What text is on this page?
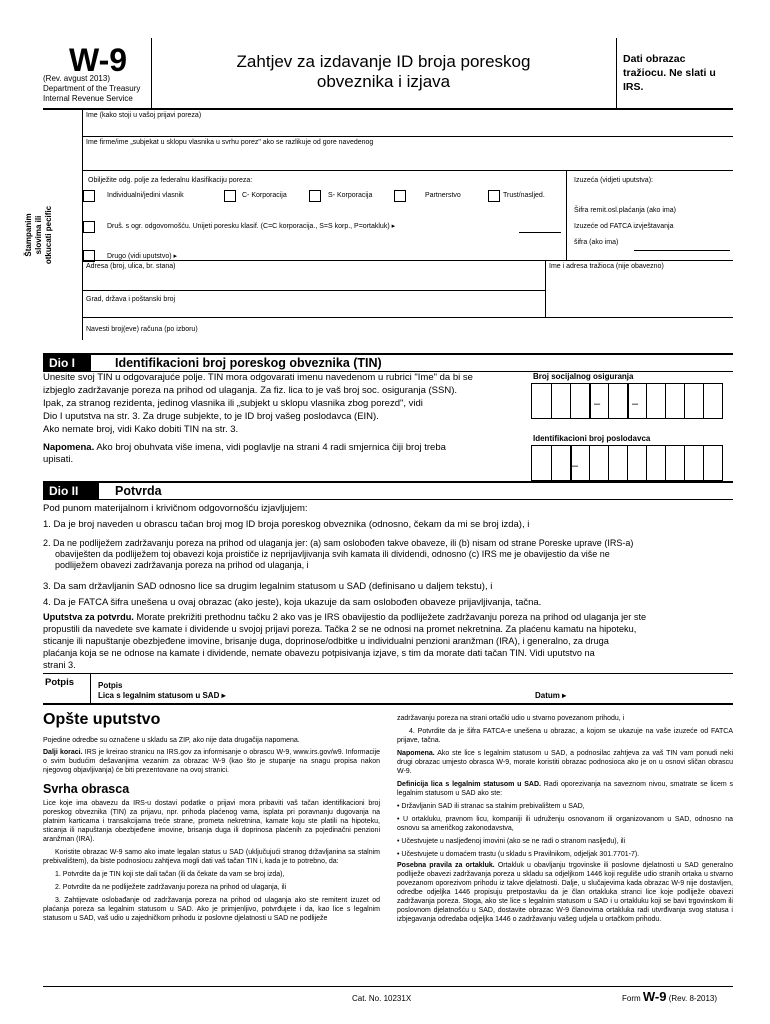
W-9
(Rev. avgust 2013)
Department of the Treasury
Internal Revenue Service
Zahtjev za izdavanje ID broja poreskog
obveznika i izjava
Dati obrazac
tražiocu. Ne slati u
IRS.
Štampanim slovima ili otkucati pecific
Ime (kako stoji u vašoj prijavi poreza)
Ime firme/ime „subjekat u sklopu vlasnika u svrhu porez" ako se razlikuje od gore navedenog
Obilježite odg. polje za federalnu klasifikaciju poreza:	Izuzeća (vidjeti uputstva):
Individualni/jedini vlasnik	C- Korporacija	S- Korporacija	Partnerstvo	Trust/nasljed.
Šifra remit.osl.plaćanja (ako ima)
Druš. s ogr. odgovornošću. Unijeti poresku klasif. (C=C korporacija., S=S korp., P=ortakluk) ▸	Izuzeće od FATCA izvještavanja
šifra (ako ima)
Drugo (vidi uputstvo) ▸
Adresa (broj, ulica, br. stana)	Ime i adresa tražioca (nije obavezno)
Grad, država i poštanski broj
Navesti broj(eve) računa (po izboru)
Dio I	Identifikacioni broj poreskog obveznika (TIN)
Unesite svoj TIN u odgovarajuće polje. TIN mora odgovarati imenu navedenom u rubrici "Ime" da bi se
izbjeglo zadržavanje poreza na prihod od ulaganja. Za fiz. lica to je vaš broj soc. osiguranja (SSN).
Ipak, za stranog rezidenta, jedinog vlasnika ili „subjekt u sklopu vlasnika zbog porezd", vidi
Dio I uputstva na str. 3. Za druge subjekte, to je ID broj vašeg poslodavca (EIN).
Ako nemate broj, vidi Kako dobiti TIN na str. 3.
Napomena. Ako broj obuhvata više imena, vidi poglavlje na strani 4 radi smjernica čiji broj treba
upisati.
Broj socijalnog osiguranja
–	–
Identifikacioni broj poslodavca
–
Dio II	Potvrda
Pod punom materijalnom i krivičnom odgovornošću izjavljujem:
1. Da je broj naveden u obrascu tačan broj mog ID broja poreskog obveznika (odnosno, čekam da mi se broj izda), i
2. Da ne podliježem zadržavanju poreza na prihod od ulaganja jer: (a) sam oslobođen takve obaveze, ili (b) nisam od strane Poreske uprave (IRS-a)
obaviješten da podliježem toj obavezi koja proističe iz neprijavljivanja svih kamata ili dividendi, odnosno (c) IRS me je obavijestio da više ne
podliježem obavezi zadržavanja poreza na prihod od ulaganja, i
3. Da sam državljanin SAD odnosno lice sa drugim legalnim statusom u SAD (definisano u daljem tekstu), i
4. Da je FATCA šifra unešena u ovaj obrazac (ako jeste), koja ukazuje da sam oslobođen obaveze prijavljivanja, tačna.
Uputstva za potvrdu. Morate prekrižiti prethodnu tačku 2 ako vas je IRS obavijestio da podliježete zadržavanju poreza na prihod od ulaganja jer ste
propustili da navedete sve kamate i dividende u svojoj prijavi poreza. Tačka 2 se ne odnosi na promet nekretnina. Za plaćenu kamatu na hipoteku,
sticanje ili napuštanje obezbjeđene imovine, brisanje duga, doprinose/odbitke u individualni penzioni aranžman (IRA), i generalno, za druga
plaćanja koja se ne odnose na kamate i dividende, nemate obavezu potpisivanja izjave, s tim da morate dati tačan TIN. Vidi uputstvo na
strani 3.
Potpis	Potpis
Lica s legalnim statusom u SAD ▸	Datum ▸
Opšte uputstvo
Pojedine odredbe su označene u skladu sa ZIP, ako nije data drugačija napomena.
Dalji koraci. IRS je kreirao stranicu na IRS.gov za informisanje o obrascu W-9, www.irs.gov/w9. Informacije o svim budućim dešavanjima vezanim za obrazac W-9 (kao što je stupanje na snagu propisa nakon njegovog objavljivanja) će biti prezentovane na ovoj stranici.
Svrha obrasca
Lice koje ima obavezu da IRS-u dostavi podatke o prijavi mora pribaviti vaš tačan identifikacioni broj poreskog obveznika (TIN) za prijavu, npr. prihoda plaćenog vama, isplata pri poravnanju dugovanja na platnim karticama i transakcijama treće strane, prometa nekretnina, kamate koju ste platili na hipoteku, sticanja ili napuštanja obezbjeđene imovine, brisanja duga ili doprinosa plaćenih za pojedinačni penzioni aranžman (IRA).
Koristite obrazac W-9 samo ako imate legalan status u SAD (uključujući stranog državljanina sa stalnim prebivalištem), da biste podnosiocu zahtjeva mogli dati vaš tačan TIN i, kada je to potrebno, da:
1. Potvrdite da je TIN koji ste dali tačan (ili da čekate da vam se broj izda),
2. Potvrdite da ne podliježete zadržavanju poreza na prihod od ulaganja, ili
3. Zahtijevate oslobađanje od zadržavanja poreza na prihod od ulaganja ako ste remitent izuzet od plaćanja poreza sa legalnim statusom u SAD. Ako je primjenljivo, potvrđujete i da, kao lice s legalnim statusom u SAD, vaš udio u zajedničkom prihodu iz poslovne djelatnosti u SAD ne podliježe
zadržavanju poreza na strani ortački udio u stvarno povezanom prihodu, i
4. Potvrdite da je šifra FATCA-e unešena u obrazac, a kojom se ukazuje na vaše izuzeće od FATCA prijave, tačna.
Napomena. Ako ste lice s legalnim statusom u SAD, a podnosilac zahtjeva za vaš TIN vam ponudi neki drugi obrazac umjesto obrasca W-9, morate koristiti obrazac podnosioca ako je on u osnovi sličan obrascu W-9.
Definicija lica s legalnim statusom u SAD. Radi oporezivanja na saveznom nivou, smatrate se licem s legalnim statusom u SAD ako ste:
• Državljanin SAD ili stranac sa stalnim prebivalištem u SAD,
• U ortakluku, pravnom licu, kompaniji ili udruženju osnovanom ili organizovanom u SAD, odnosno na osnovu sa američkog zakonodavstva,
• Učestvujete u nasljeđenoj imovini (ako se ne radi o stranom nasljeđu), ili
• Učestvujete u domaćem trastu (u skladu s Pravilnikom, odjeljak 301.7701-7).
Posebna pravila za ortakluk. Ortakluk u obavljanju trgovinske ili poslovne djelatnosti u SAD generalno podliježe obavezi zadržavanja poreza u skladu sa odjeljkom 1446 koji reguliše udio stranih ortaka u stvarno povezanom oporezivom prihodu iz takve djelatnosti. Dalje, u slučajevima kada obrazac W-9 nije dostavljen, odredbe odjeljka 1446 propisuju pretpostavku da je član ortakluka stranci lice koje podliježe obavezi zadržavanja poreza. Stoga, ako ste lice s legalnim statusom u SAD i u ortakluku koji se bavi trgovinskom ili poslovnom djelatnošću u SAD, dostavite obrazac W-9 članovima ortakluka radi utvrđivanja svog statusa i izbjegavanja odredaba odjeljka 1446 o zadržavanju vašeg udjela u ortačkom prihodu.
Cat. No. 10231X	Form W-9 (Rev. 8-2013)
